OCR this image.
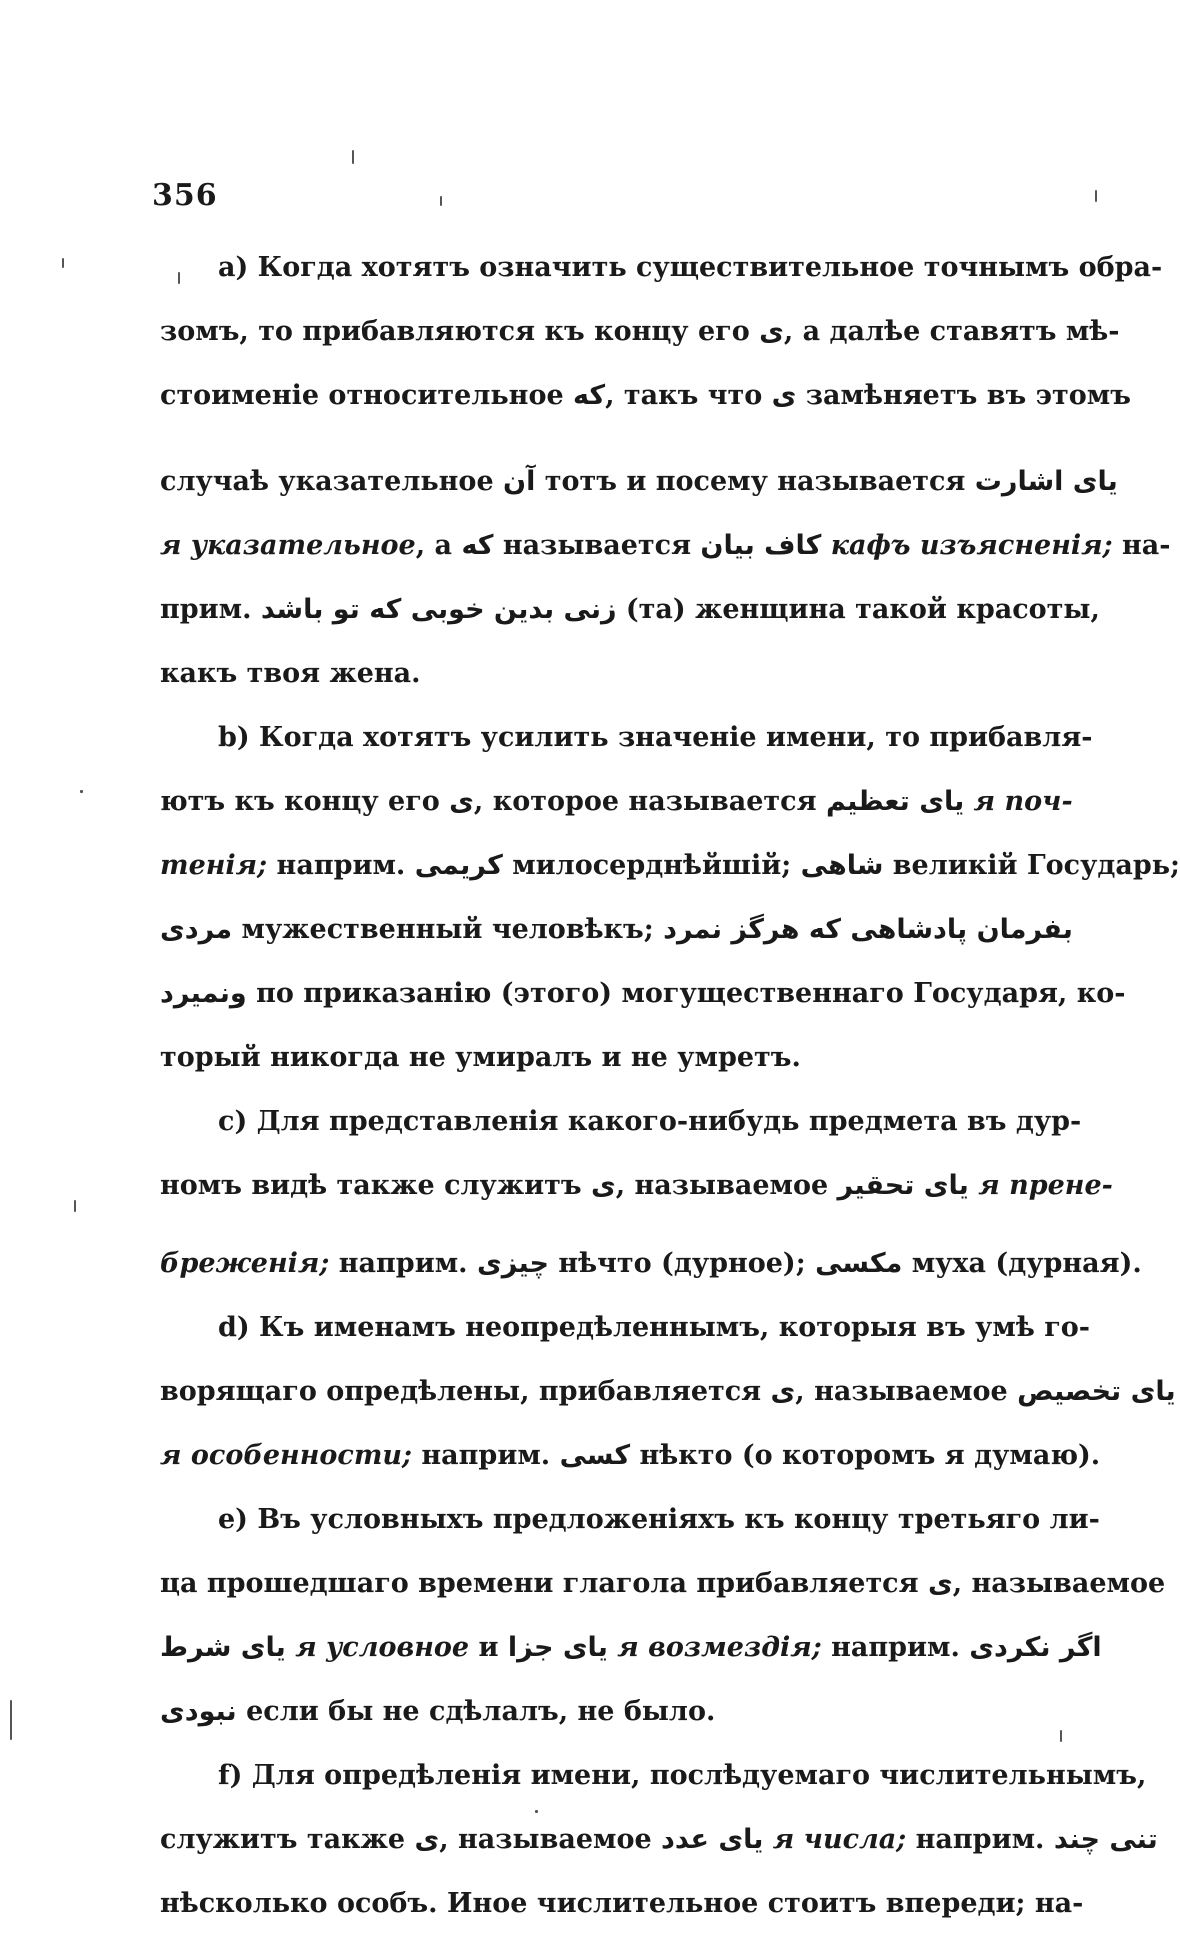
356
a) Когда хотятъ означить существительное точнымъ обра-
зомъ, то прибавляются къ концу его ى, а далѣе ставятъ мѣ-
стоименіе относительное كه, такъ что ى замѣняетъ въ этомъ
случаѣ указательное آن тотъ и посему называется یای اشارت
я указательное, а كه называется كاف بیان кафъ изъясненія; на-
прим. زنی بدین خوبی که تو باشد (та) женщина такой красоты,
какъ твоя жена.
b) Когда хотятъ усилить значеніе имени, то прибавля-
ютъ къ концу его ى, которое называется یای تعظیم я поч-
тенія; наприм. کریمی милосерднѣйшій; شاهی великій Государь;
مردی мужественный человѣкъ; بفرمان پادشاهی که هرگز نمرد
ونمیرد по приказанію (этого) могущественнаго Государя, ко-
торый никогда не умиралъ и не умретъ.
c) Для представленія какого-нибудь предмета въ дур-
номъ видѣ также служитъ ى, называемое یای تحقیر я прене-
бреженія; наприм. چیزی нѣчто (дурное); مکسی муха (дурная).
d) Къ именамъ неопредѣленнымъ, которыя въ умѣ го-
ворящаго опредѣлены, прибавляется ى, называемое یای تخصیص
я особенности; наприм. کسی нѣкто (о которомъ я думаю).
e) Въ условныхъ предложеніяхъ къ концу третьяго ли-
ца прошедшаго времени глагола прибавляется ى, называемое
یای شرط я условное и یای جزا я возмездія; наприм. اگر نکردی
نبودی если бы не сдѣлалъ, не было.
f) Для опредѣленія имени, послѣдуемаго числительнымъ,
служитъ также ى, называемое یای عدد я числа; наприм. تنی چند
нѣсколько особъ. Иное числительное стоитъ впереди; на-
